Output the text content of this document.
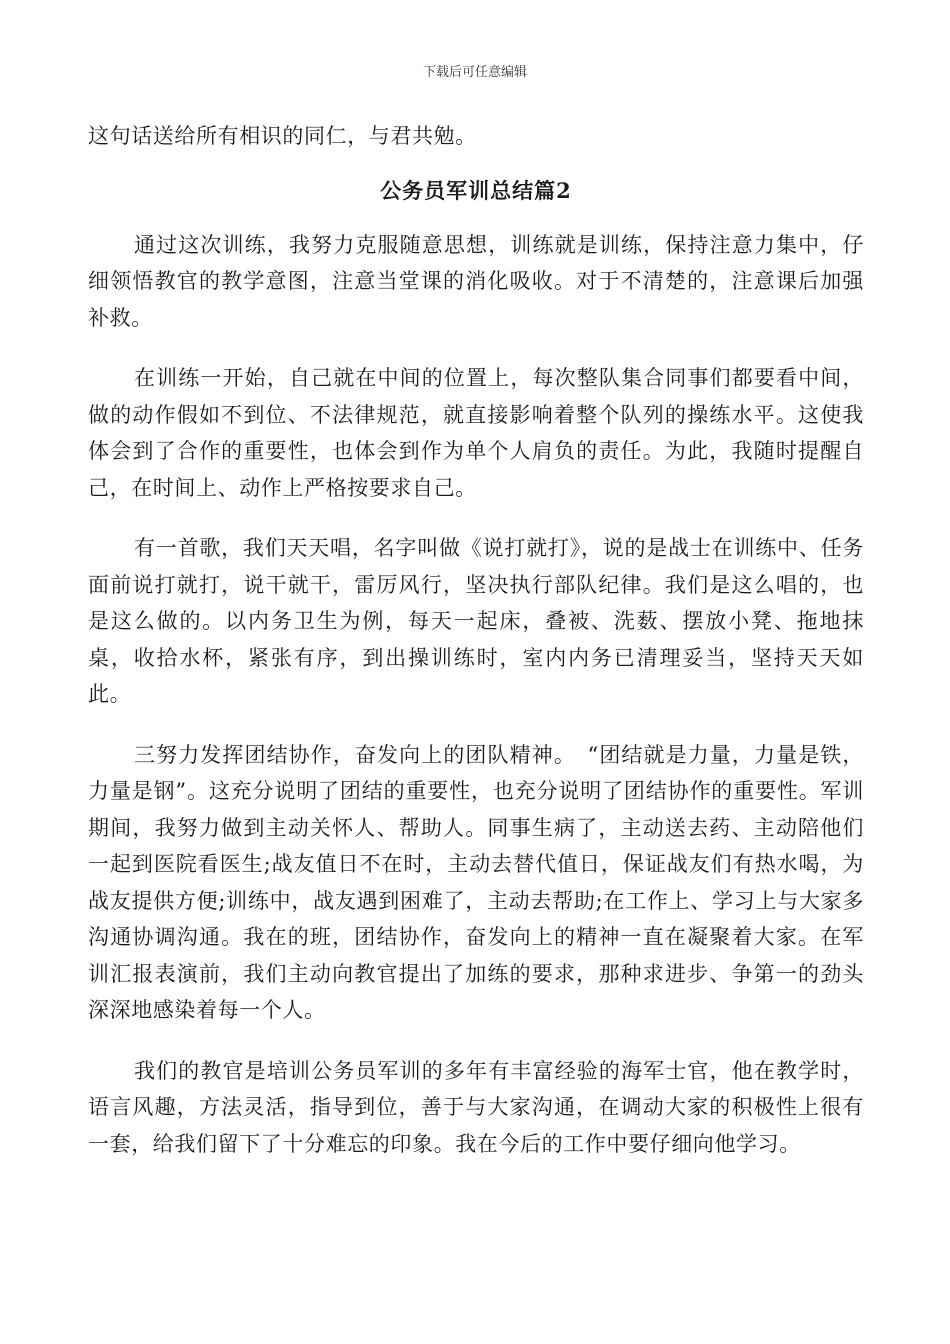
下载后可任意编辑

这句话送给所有相识的同仁，与君共勉。

公务员军训总结篇2

通过这次训练，我努力克服随意思想，训练就是训练，保持注意力集中，仔细领悟教官的教学意图，注意当堂课的消化吸收。对于不清楚的，注意课后加强补救。

在训练一开始，自己就在中间的位置上，每次整队集合同事们都要看中间，做的动作假如不到位、不法律规范，就直接影响着整个队列的操练水平。这使我体会到了合作的重要性，也体会到作为单个人肩负的责任。为此，我随时提醒自己，在时间上、动作上严格按要求自己。

有一首歌，我们天天唱，名字叫做《说打就打》，说的是战士在训练中、任务面前说打就打，说干就干，雷厉风行，坚决执行部队纪律。我们是这么唱的，也是这么做的。以内务卫生为例，每天一起床，叠被、洗薮、摆放小凳、拖地抹桌，收拾水杯，紧张有序，到出操训练时，室内内务已清理妥当，坚持天天如此。

三努力发挥团结协作，奋发向上的团队精神。　“团结就是力量，力量是铁，力量是钢”。这充分说明了团结的重要性，也充分说明了团结协作的重要性。军训期间，我努力做到主动关怀人、帮助人。同事生病了，主动送去药、主动陪他们一起到医院看医生;战友值日不在时，主动去替代值日，保证战友们有热水喝，为战友提供方便;训练中，战友遇到困难了，主动去帮助;在工作上、学习上与大家多沟通协调沟通。我在的班，团结协作，奋发向上的精神一直在凝聚着大家。在军训汇报表演前，我们主动向教官提出了加练的要求，那种求进步、争第一的劲头深深地感染着每一个人。

我们的教官是培训公务员军训的多年有丰富经验的海军士官，他在教学时，语言风趣，方法灵活，指导到位，善于与大家沟通，在调动大家的积极性上很有一套，给我们留下了十分难忘的印象。我在今后的工作中要仔细向他学习。
